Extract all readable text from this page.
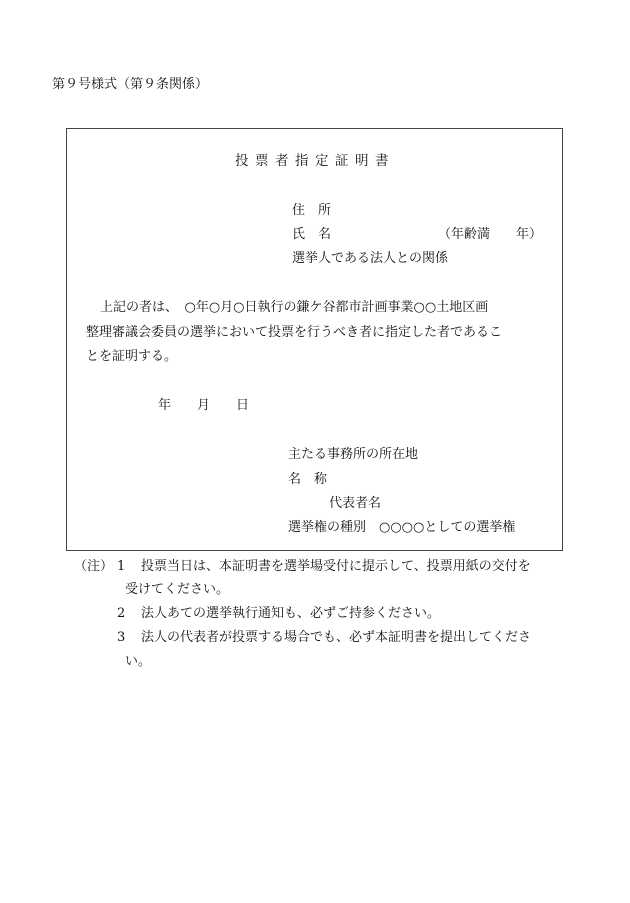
第９号様式（第９条関係）
投票者指定証明書
住所
氏名	（年齢満　　年）
選挙人である法人との関係
上記の者は、　○年○月○日執行の鎌ケ谷都市計画事業○○土地区画
整理審議会委員の選挙において投票を行うべき者に指定した者であるこ
とを証明する。
年　　月　　日
主たる事務所の所在地
名称
代表者名
選挙権の種別　○○○○としての選挙権
（注） 1 投票当日は、本証明書を選挙場受付に提示して、投票用紙の交付を
受けてください。
2 法人あての選挙執行通知も、必ずご持参ください。
3 法人の代表者が投票する場合でも、必ず本証明書を提出してくださ
い。
